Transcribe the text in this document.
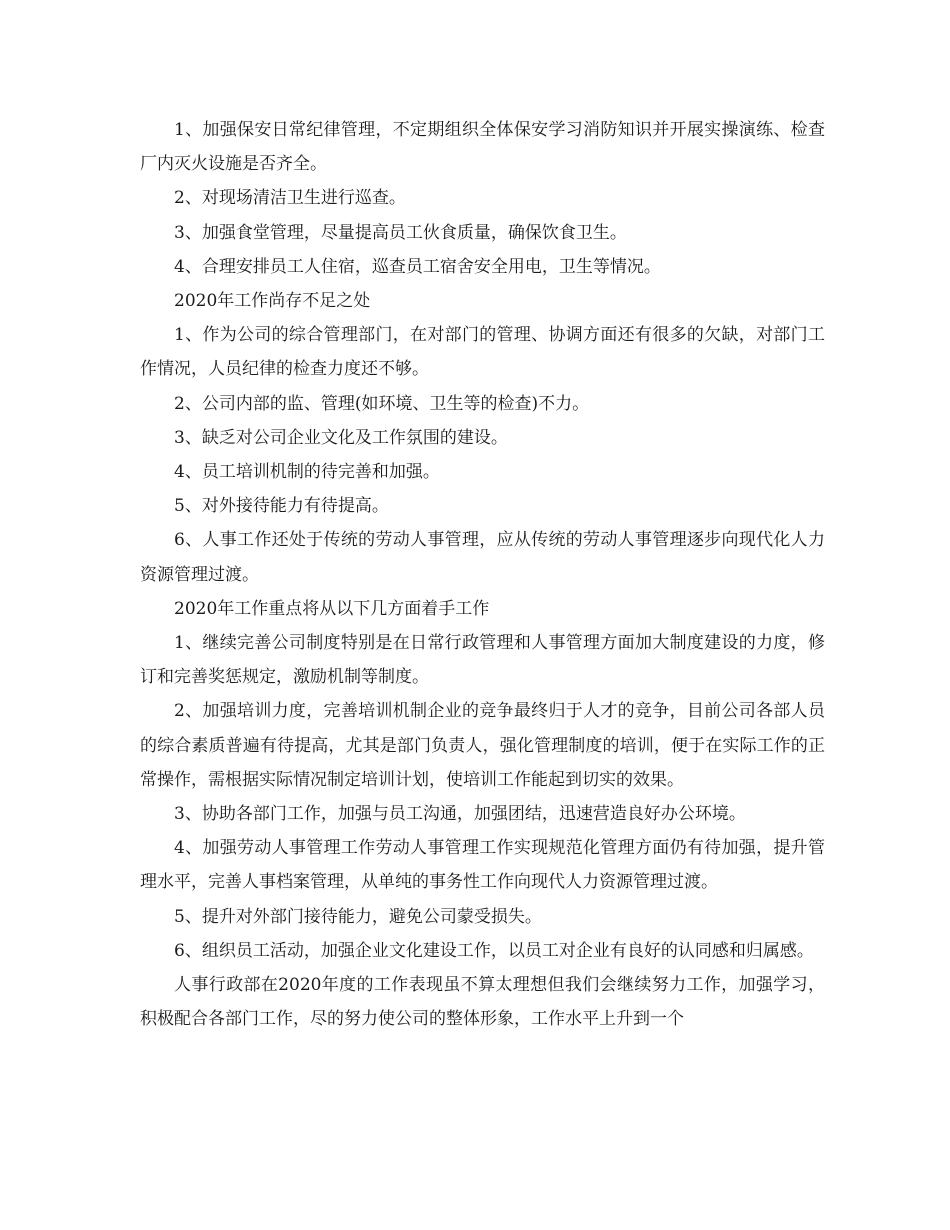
1、加强保安日常纪律管理，不定期组织全体保安学习消防知识并开展实操演练、检查厂内灭火设施是否齐全。

2、对现场清洁卫生进行巡查。

3、加强食堂管理，尽量提高员工伙食质量，确保饮食卫生。

4、合理安排员工人住宿，巡查员工宿舍安全用电，卫生等情况。

2020年工作尚存不足之处

1、作为公司的综合管理部门，在对部门的管理、协调方面还有很多的欠缺，对部门工作情况，人员纪律的检查力度还不够。

2、公司内部的监、管理(如环境、卫生等的检查)不力。

3、缺乏对公司企业文化及工作氛围的建设。

4、员工培训机制的待完善和加强。

5、对外接待能力有待提高。

6、人事工作还处于传统的劳动人事管理，应从传统的劳动人事管理逐步向现代化人力资源管理过渡。

2020年工作重点将从以下几方面着手工作

1、继续完善公司制度特别是在日常行政管理和人事管理方面加大制度建设的力度，修订和完善奖惩规定，激励机制等制度。

2、加强培训力度，完善培训机制企业的竞争最终归于人才的竞争，目前公司各部人员的综合素质普遍有待提高，尤其是部门负责人，强化管理制度的培训，便于在实际工作的正常操作，需根据实际情况制定培训计划，使培训工作能起到切实的效果。

3、协助各部门工作，加强与员工沟通，加强团结，迅速营造良好办公环境。

4、加强劳动人事管理工作劳动人事管理工作实现规范化管理方面仍有待加强，提升管理水平，完善人事档案管理，从单纯的事务性工作向现代人力资源管理过渡。

5、提升对外部门接待能力，避免公司蒙受损失。

6、组织员工活动，加强企业文化建设工作，以员工对企业有良好的认同感和归属感。

人事行政部在2020年度的工作表现虽不算太理想但我们会继续努力工作，加强学习，积极配合各部门工作，尽的努力使公司的整体形象，工作水平上升到一个
